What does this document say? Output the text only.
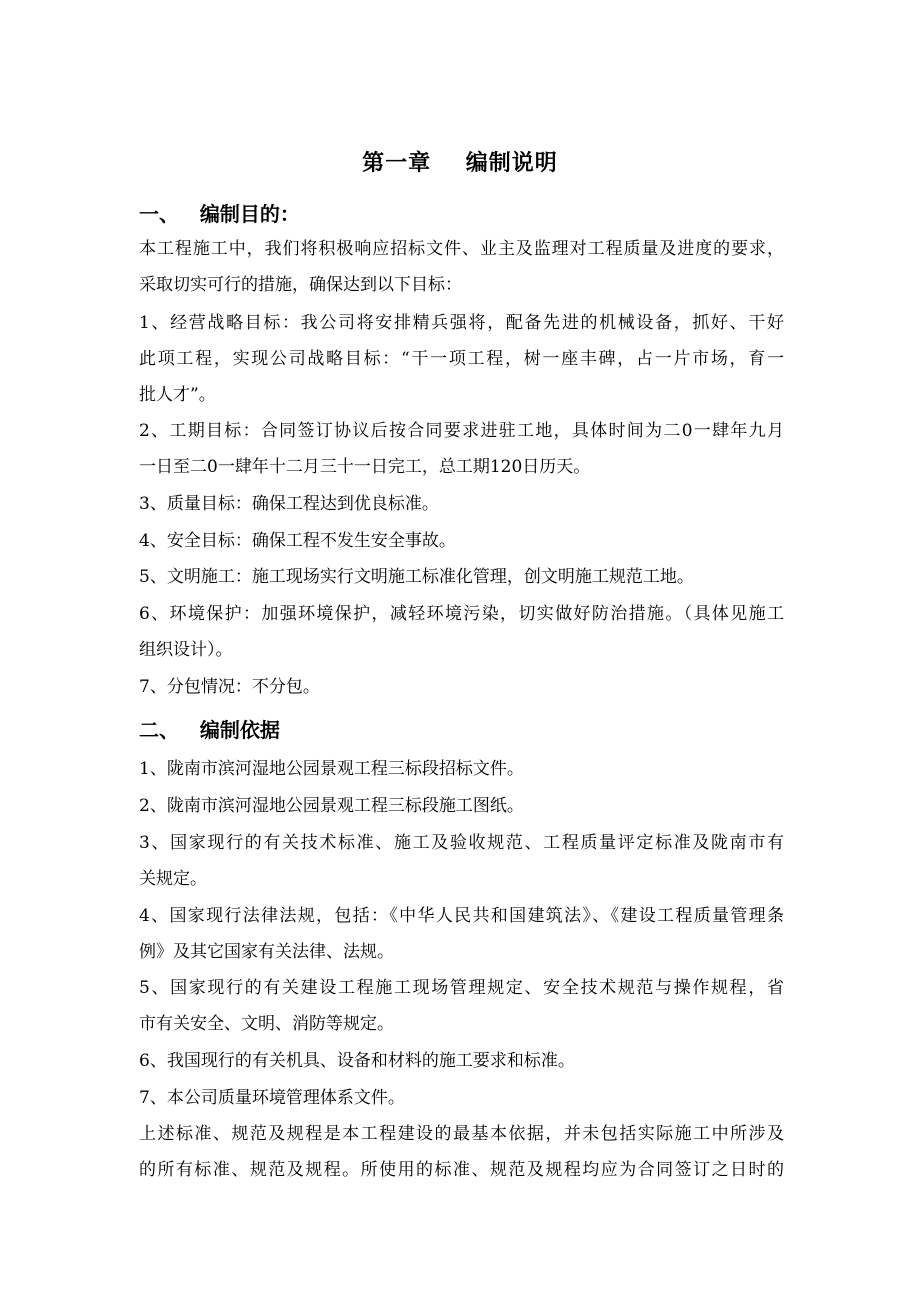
第一章    编制说明
一、   编制目的：
本工程施工中，我们将积极响应招标文件、业主及监理对工程质量及进度的要求，
采取切实可行的措施，确保达到以下目标：
1、经营战略目标：我公司将安排精兵强将，配备先进的机械设备，抓好、干好
此项工程，实现公司战略目标：“干一项工程，树一座丰碑，占一片市场，育一
批人才”。
2、工期目标：合同签订协议后按合同要求进驻工地，具体时间为二0一肆年九月
一日至二0一肆年十二月三十一日完工，总工期120日历天。
3、质量目标：确保工程达到优良标准。
4、安全目标：确保工程不发生安全事故。
5、文明施工：施工现场实行文明施工标准化管理，创文明施工规范工地。
6、环境保护：加强环境保护，减轻环境污染，切实做好防治措施。（具体见施工
组织设计）。
7、分包情况：不分包。
二、   编制依据
1、陇南市滨河湿地公园景观工程三标段招标文件。
2、陇南市滨河湿地公园景观工程三标段施工图纸。
3、国家现行的有关技术标准、施工及验收规范、工程质量评定标准及陇南市有
关规定。
4、国家现行法律法规，包括：《中华人民共和国建筑法》、《建设工程质量管理条
例》及其它国家有关法律、法规。
5、国家现行的有关建设工程施工现场管理规定、安全技术规范与操作规程，省
市有关安全、文明、消防等规定。
6、我国现行的有关机具、设备和材料的施工要求和标准。
7、本公司质量环境管理体系文件。
上述标准、规范及规程是本工程建设的最基本依据，并未包括实际施工中所涉及
的所有标准、规范及规程。所使用的标准、规范及规程均应为合同签订之日时的
